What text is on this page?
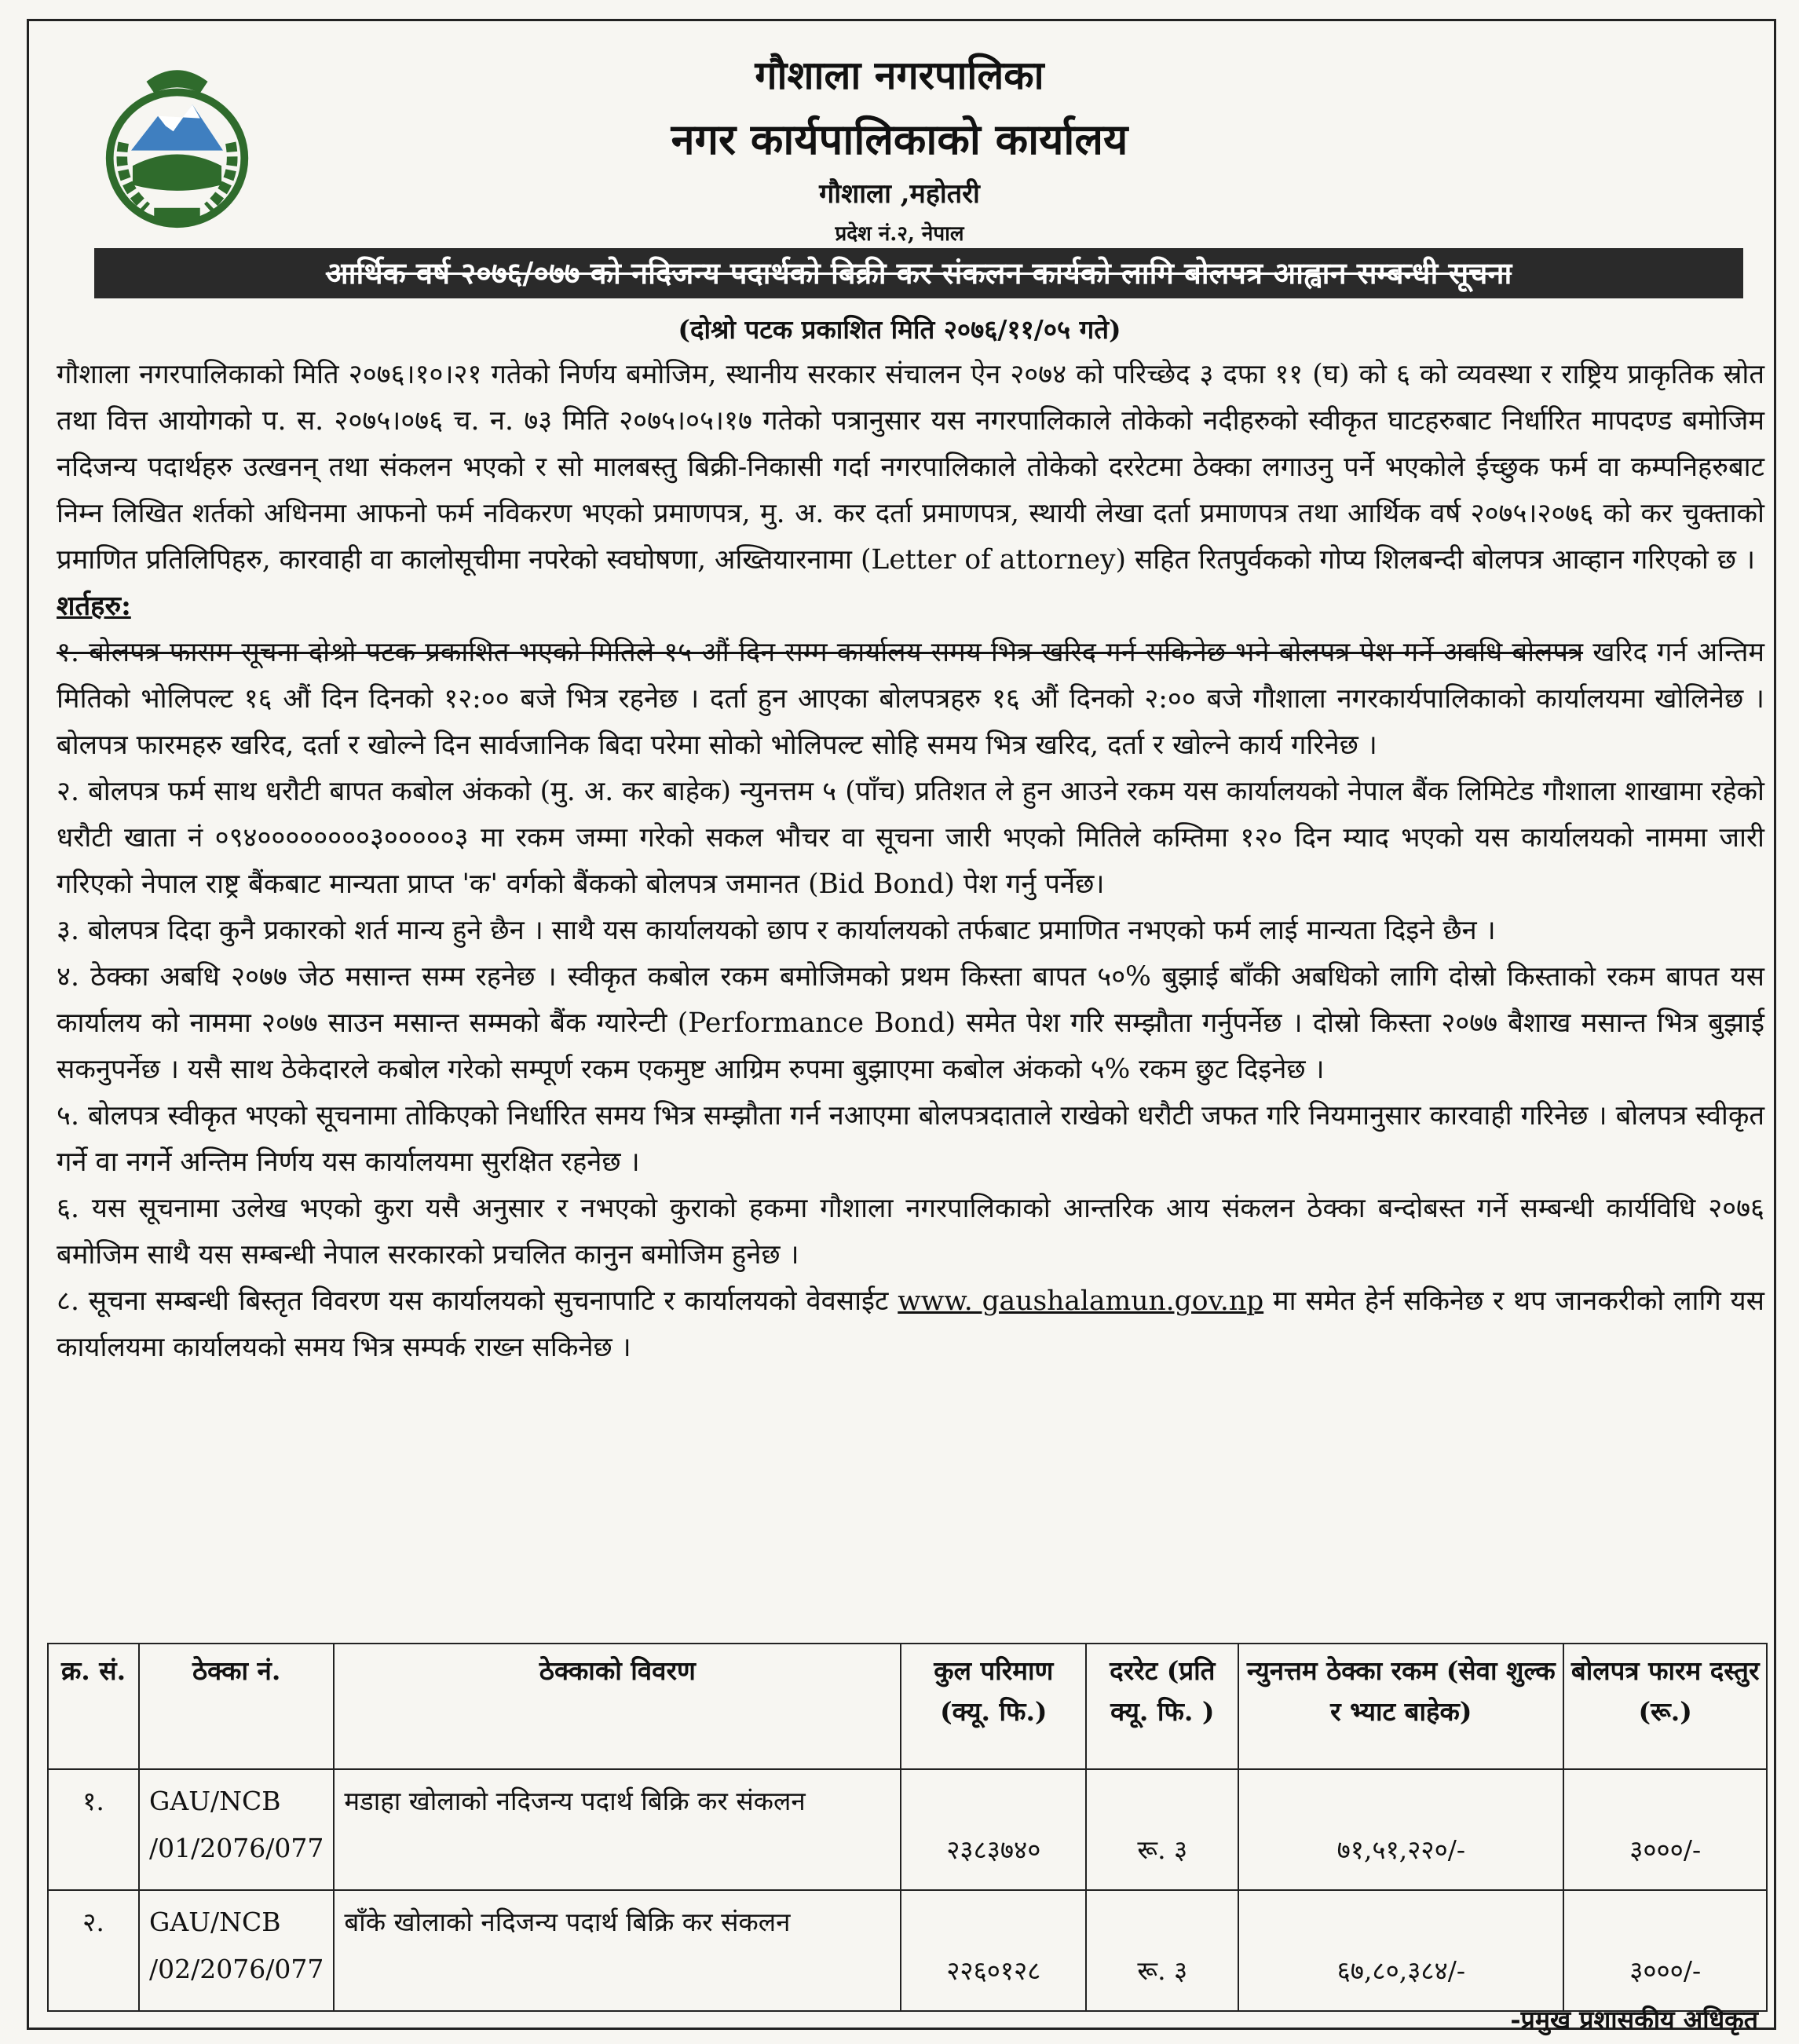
गौशाला नगरपालिका
नगर कार्यपालिकाको कार्यालय
गौशाला ,महोतरी
प्रदेश नं.२, नेपाल
आर्थिक वर्ष २०७६/०७७ को नदिजन्य पदार्थको बिक्री कर संकलन कार्यको लागि बोलपत्र आह्वान सम्बन्धी सूचना
(दोश्रो पटक प्रकाशित मिति २०७६/११/०५ गते)

गौशाला नगरपालिकाको मिति २०७६।१०।२१ गतेको निर्णय बमोजिम, स्थानीय सरकार संचालन ऐन २०७४ को परिच्छेद ३ दफा ११ (घ) को ६ को व्यवस्था र राष्ट्रिय प्राकृतिक स्रोत तथा वित्त आयोगको प. स. २०७५।०७६ च. न. ७३ मिति २०७५।०५।१७ गतेको पत्रानुसार यस नगरपालिकाले तोकेको नदीहरुको स्वीकृत घाटहरुबाट निर्धारित मापदण्ड बमोजिम नदिजन्य पदार्थहरु उत्खनन् तथा संकलन भएको र सो मालबस्तु बिक्री-निकासी गर्दा नगरपालिकाले तोकेको दररेटमा ठेक्का लगाउनु पर्ने भएकोले ईच्छुक फर्म वा कम्पनिहरुबाट निम्न लिखित शर्तको अधिनमा आफनो फर्म नविकरण भएको प्रमाणपत्र, मु. अ. कर दर्ता प्रमाणपत्र, स्थायी लेखा दर्ता प्रमाणपत्र तथा आर्थिक वर्ष २०७५।२०७६ को कर चुक्ताको प्रमाणित प्रतिलिपिहरु, कारवाही वा कालोसूचीमा नपरेको स्वघोषणा, अख्तियारनामा (Letter of attorney) सहित रितपुर्वकको गोप्य शिलबन्दी बोलपत्र आव्हान गरिएको छ ।

शर्तहरु:

१. बोलपत्र फाराम सूचना दोश्रो पटक प्रकाशित भएको मितिले १५ औं दिन सम्म कार्यालय समय भित्र खरिद गर्न सकिनेछ भने बोलपत्र पेश गर्ने अवधि बोलपत्र खरिद गर्न अन्तिम मितिको भोलिपल्ट १६ औं दिन दिनको १२:०० बजे भित्र रहनेछ । दर्ता हुन आएका बोलपत्रहरु १६ औं दिनको २:०० बजे गौशाला नगरकार्यपालिकाको कार्यालयमा खोलिनेछ । बोलपत्र फारमहरु खरिद, दर्ता र खोल्ने दिन सार्वजानिक बिदा परेमा सोको भोलिपल्ट सोहि समय भित्र खरिद, दर्ता र खोल्ने कार्य गरिनेछ ।

२. बोलपत्र फर्म साथ धरौटी बापत कबोल अंकको (मु. अ. कर बाहेक) न्युनत्तम ५ (पाँच) प्रतिशत ले हुन आउने रकम यस कार्यालयको नेपाल बैंक लिमिटेड गौशाला शाखामा रहेको धरौटी खाता नं ०९४००००००००३०००००३ मा रकम जम्मा गरेको सकल भौचर वा सूचना जारी भएको मितिले कम्तिमा १२० दिन म्याद भएको यस कार्यालयको नाममा जारी गरिएको नेपाल राष्ट्र बैंकबाट मान्यता प्राप्त 'क' वर्गको बैंकको बोलपत्र जमानत (Bid Bond) पेश गर्नु पर्नेछ।

३. बोलपत्र दिदा कुनै प्रकारको शर्त मान्य हुने छैन । साथै यस कार्यालयको छाप र कार्यालयको तर्फबाट प्रमाणित नभएको फर्म लाई मान्यता दिइने छैन ।

४. ठेक्का अबधि २०७७ जेठ मसान्त सम्म रहनेछ । स्वीकृत कबोल रकम बमोजिमको प्रथम किस्ता बापत ५०% बुझाई बाँकी अबधिको लागि दोस्रो किस्ताको रकम बापत यस कार्यालय को नाममा २०७७ साउन मसान्त सम्मको बैंक ग्यारेन्टी (Performance Bond) समेत पेश गरि सम्झौता गर्नुपर्नेछ । दोस्रो किस्ता २०७७ बैशाख मसान्त भित्र बुझाई सकनुपर्नेछ । यसै साथ ठेकेदारले कबोल गरेको सम्पूर्ण रकम एकमुष्ट आग्रिम रुपमा बुझाएमा कबोल अंकको ५% रकम छुट दिइनेछ ।

५. बोलपत्र स्वीकृत भएको सूचनामा तोकिएको निर्धारित समय भित्र सम्झौता गर्न नआएमा बोलपत्रदाताले राखेको धरौटी जफत गरि नियमानुसार कारवाही गरिनेछ । बोलपत्र स्वीकृत गर्ने वा नगर्ने अन्तिम निर्णय यस कार्यालयमा सुरक्षित रहनेछ ।

६. यस सूचनामा उलेख भएको कुरा यसै अनुसार र नभएको कुराको हकमा गौशाला नगरपालिकाको आन्तरिक आय संकलन ठेक्का बन्दोबस्त गर्ने सम्बन्धी कार्यविधि २०७६ बमोजिम साथै यस सम्बन्धी नेपाल सरकारको प्रचलित कानुन बमोजिम हुनेछ ।

८. सूचना सम्बन्धी बिस्तृत विवरण यस कार्यालयको सुचनापाटि र कार्यालयको वेवसाईट www. gaushalamun.gov.np मा समेत हेर्न सकिनेछ र थप जानकरीको लागि यस कार्यालयमा कार्यालयको समय भित्र सम्पर्क राख्न सकिनेछ ।

क्र. सं.	ठेक्का नं.	ठेक्काको विवरण	कुल परिमाण (क्यू. फि.)	दररेट (प्रति क्यू. फि. )	न्युनत्तम ठेक्का रकम (सेवा शुल्क र भ्याट बाहेक)	बोलपत्र फारम दस्तुर (रू.)
१.	GAU/NCB /01/2076/077	मडाहा खोलाको नदिजन्य पदार्थ बिक्रि कर संकलन	२३८३७४०	रू. ३	७१,५१,२२०/-	३०००/-
२.	GAU/NCB /02/2076/077	बाँके खोलाको नदिजन्य पदार्थ बिक्रि कर संकलन	२२६०१२८	रू. ३	६७,८०,३८४/-	३०००/-
-प्रमुख प्रशासकीय अधिकृत
